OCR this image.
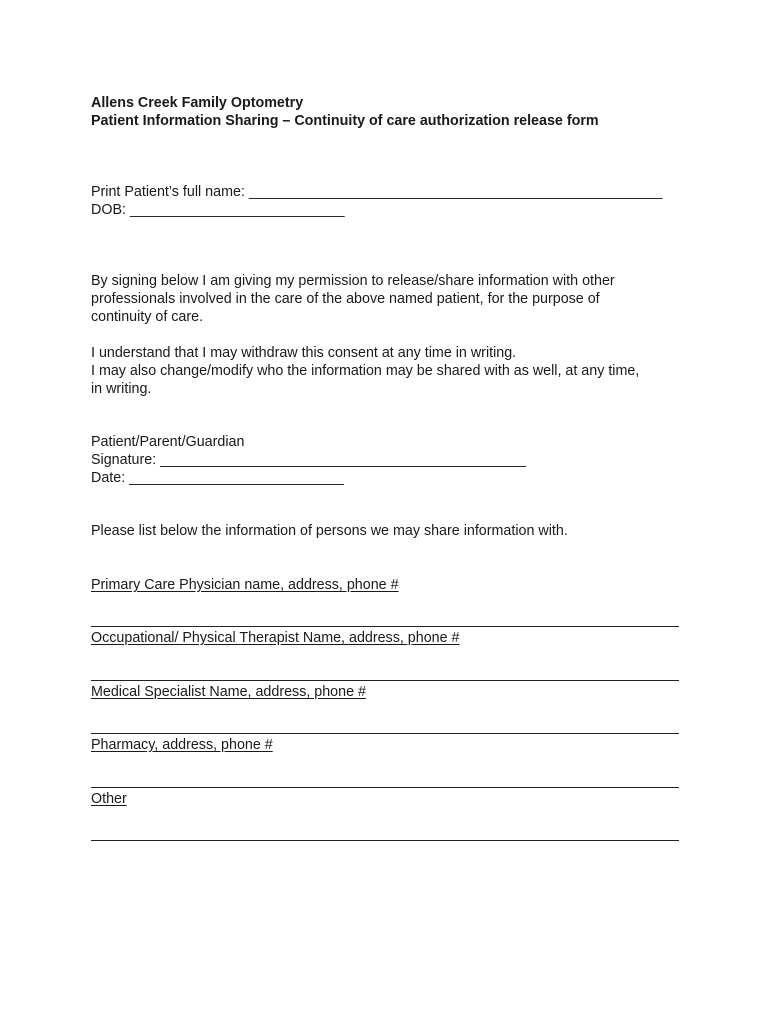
Allens Creek Family Optometry
Patient Information Sharing – Continuity of care authorization release form
Print Patient’s full name: ____________________________________________________
DOB: ___________________________
By signing below I am giving my permission to release/share information with other
professionals involved in the care of the above named patient, for the purpose of
continuity of care.
I understand that I may withdraw this consent at any time in writing.
I may also change/modify who the information may be shared with as well, at any time,
in writing.
Patient/Parent/Guardian
Signature: ______________________________________________
Date: ___________________________
Please list below the information of persons we may share information with.
Primary Care Physician name, address, phone #
Occupational/ Physical Therapist Name, address, phone #
Medical Specialist Name, address, phone #
Pharmacy, address, phone #
Other
